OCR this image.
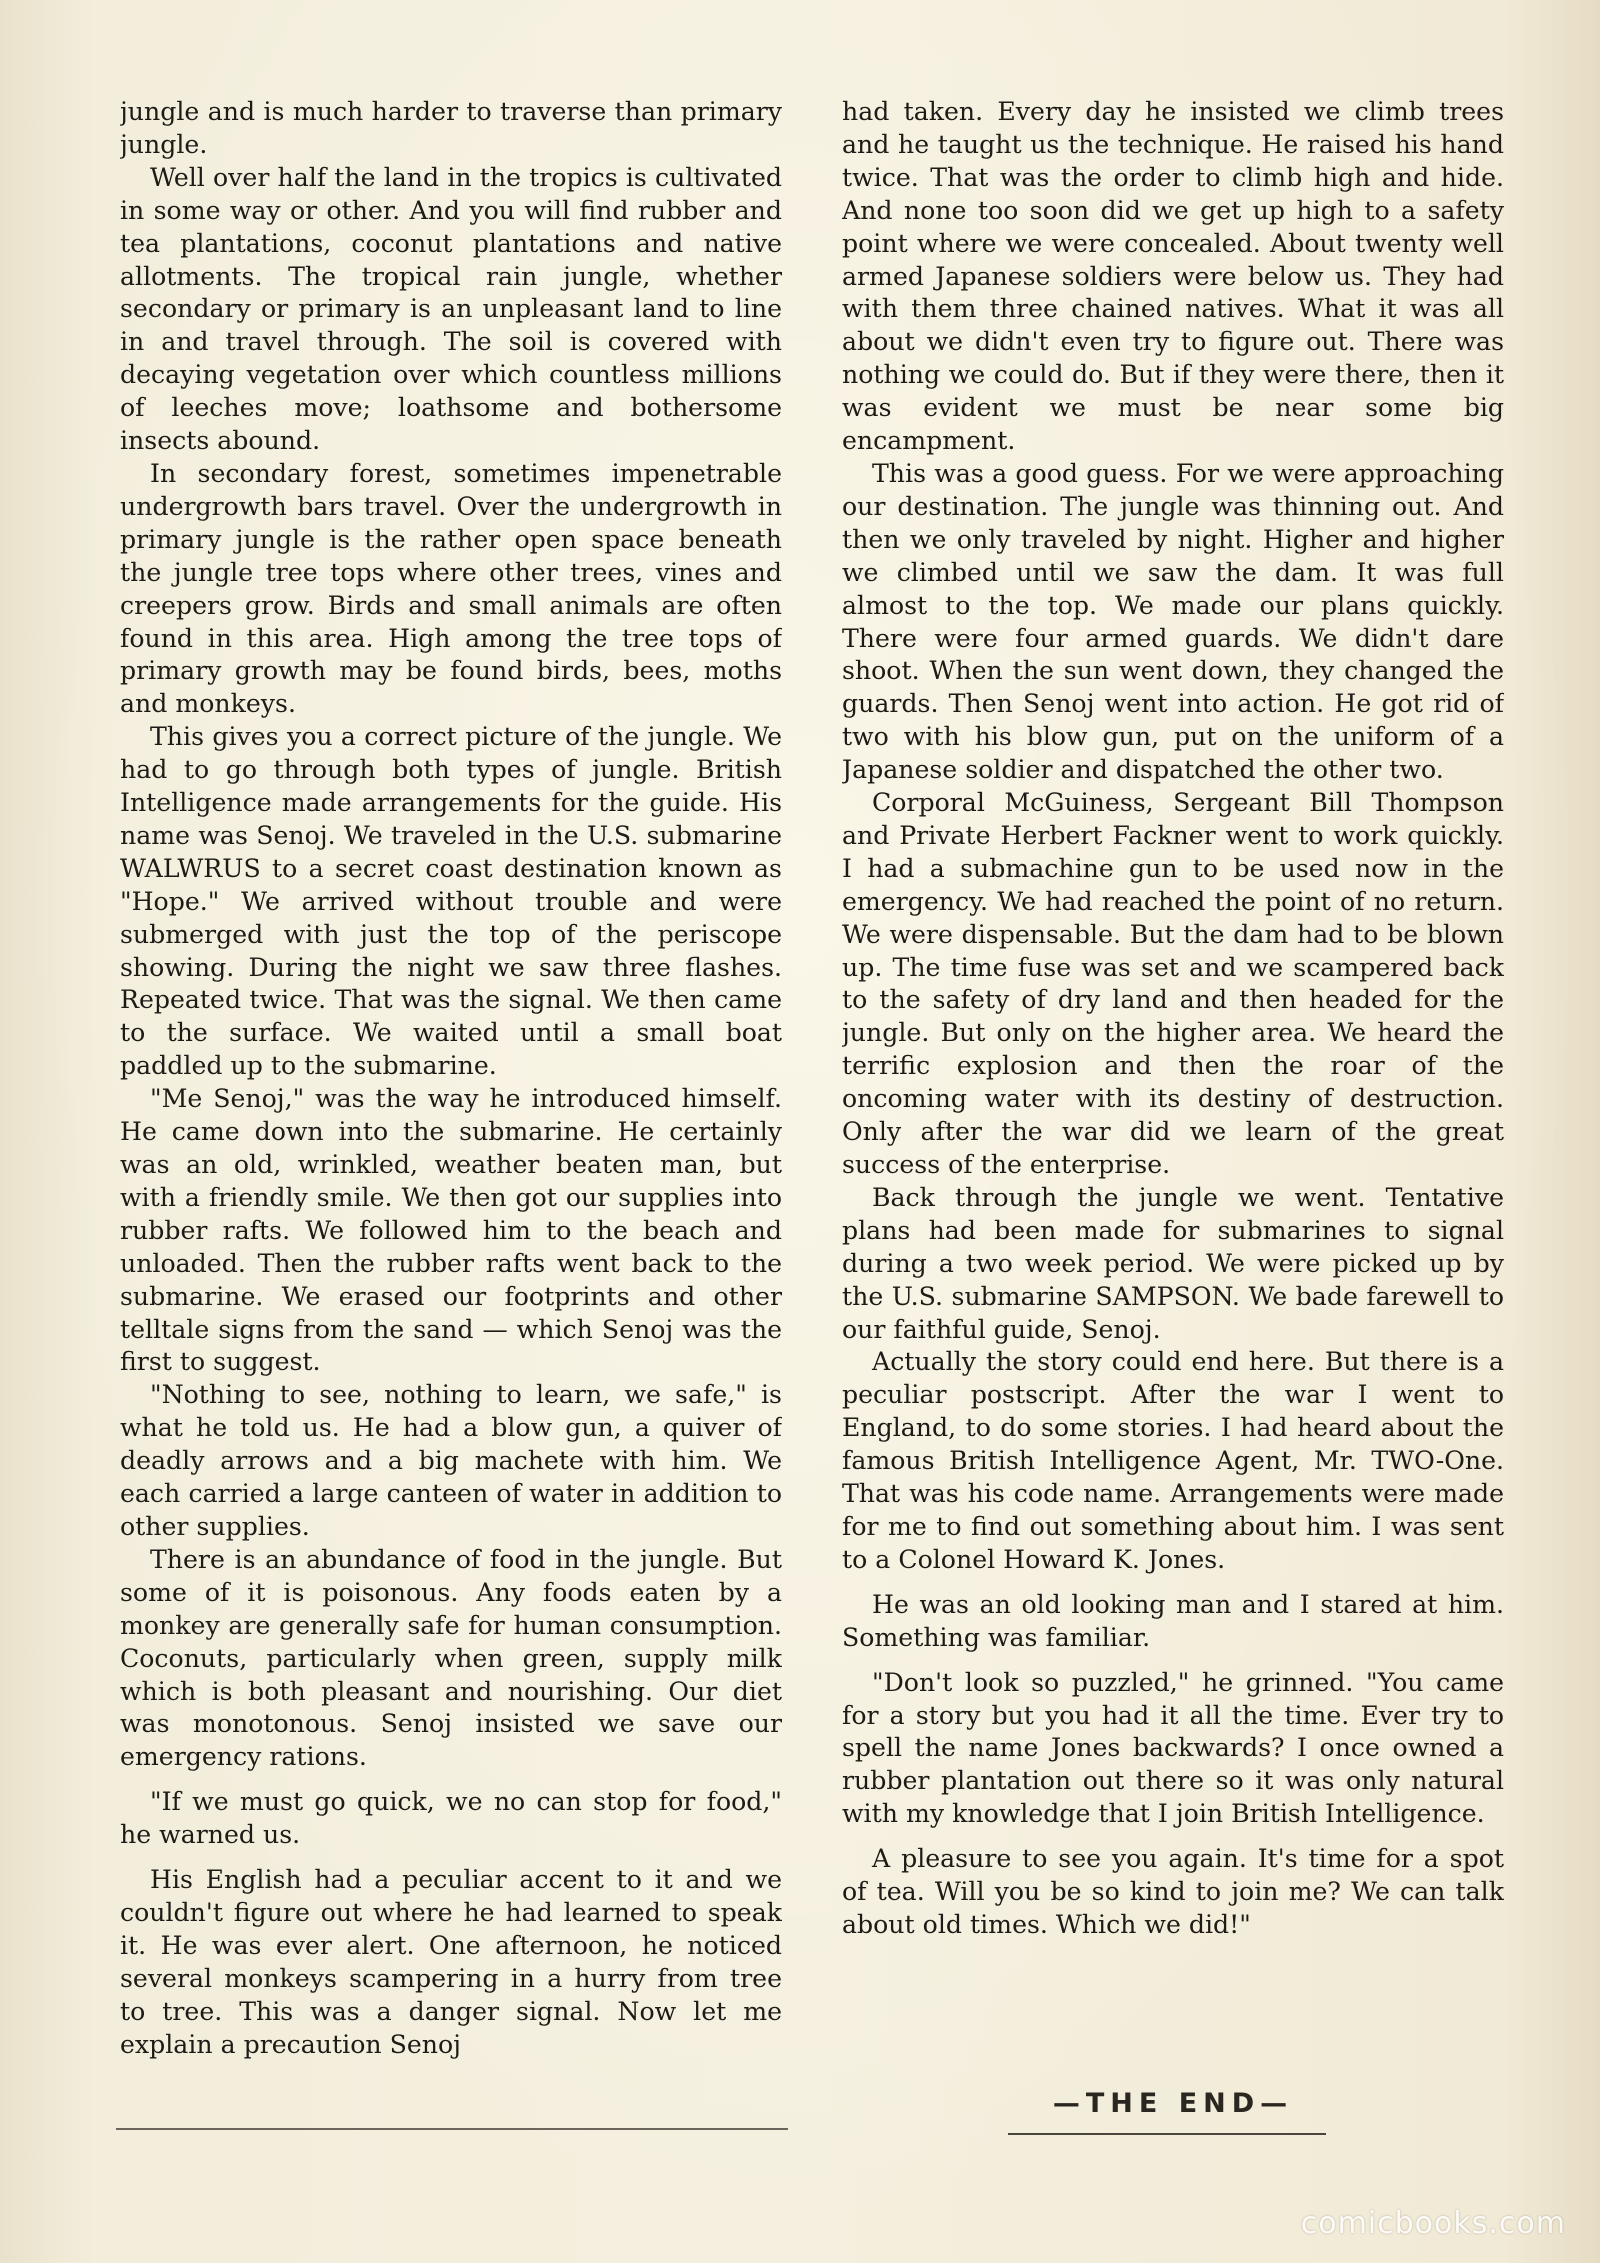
jungle and is much harder to traverse than primary jungle.

Well over half the land in the tropics is cultivated in some way or other. And you will find rubber and tea plantations, coconut plantations and native allotments. The tropical rain jungle, whether secondary or primary is an unpleasant land to line in and travel through. The soil is covered with decaying vegetation over which countless millions of leeches move; loathsome and bothersome insects abound.

In secondary forest, sometimes impenetrable undergrowth bars travel. Over the undergrowth in primary jungle is the rather open space beneath the jungle tree tops where other trees, vines and creepers grow. Birds and small animals are often found in this area. High among the tree tops of primary growth may be found birds, bees, moths and monkeys.

This gives you a correct picture of the jungle. We had to go through both types of jungle. British Intelligence made arrangements for the guide. His name was Senoj. We traveled in the U.S. submarine WALWRUS to a secret coast destination known as "Hope." We arrived without trouble and were submerged with just the top of the periscope showing. During the night we saw three flashes. Repeated twice. That was the signal. We then came to the surface. We waited until a small boat paddled up to the submarine.

"Me Senoj," was the way he introduced himself. He came down into the submarine. He certainly was an old, wrinkled, weather beaten man, but with a friendly smile. We then got our supplies into rubber rafts. We followed him to the beach and unloaded. Then the rubber rafts went back to the submarine. We erased our footprints and other telltale signs from the sand — which Senoj was the first to suggest.

"Nothing to see, nothing to learn, we safe," is what he told us. He had a blow gun, a quiver of deadly arrows and a big machete with him. We each carried a large canteen of water in addition to other supplies.

There is an abundance of food in the jungle. But some of it is poisonous. Any foods eaten by a monkey are generally safe for human consumption. Coconuts, particularly when green, supply milk which is both pleasant and nourishing. Our diet was monotonous. Senoj insisted we save our emergency rations.

"If we must go quick, we no can stop for food," he warned us.

His English had a peculiar accent to it and we couldn't figure out where he had learned to speak it. He was ever alert. One afternoon, he noticed several monkeys scampering in a hurry from tree to tree. This was a danger signal. Now let me explain a precaution Senoj

had taken. Every day he insisted we climb trees and he taught us the technique. He raised his hand twice. That was the order to climb high and hide. And none too soon did we get up high to a safety point where we were concealed. About twenty well armed Japanese soldiers were below us. They had with them three chained natives. What it was all about we didn't even try to figure out. There was nothing we could do. But if they were there, then it was evident we must be near some big encampment.

This was a good guess. For we were approaching our destination. The jungle was thinning out. And then we only traveled by night. Higher and higher we climbed until we saw the dam. It was full almost to the top. We made our plans quickly. There were four armed guards. We didn't dare shoot. When the sun went down, they changed the guards. Then Senoj went into action. He got rid of two with his blow gun, put on the uniform of a Japanese soldier and dispatched the other two.

Corporal McGuiness, Sergeant Bill Thompson and Private Herbert Fackner went to work quickly. I had a submachine gun to be used now in the emergency. We had reached the point of no return. We were dispensable. But the dam had to be blown up. The time fuse was set and we scampered back to the safety of dry land and then headed for the jungle. But only on the higher area. We heard the terrific explosion and then the roar of the oncoming water with its destiny of destruction. Only after the war did we learn of the great success of the enterprise.

Back through the jungle we went. Tentative plans had been made for submarines to signal during a two week period. We were picked up by the U.S. submarine SAMPSON. We bade farewell to our faithful guide, Senoj.

Actually the story could end here. But there is a peculiar postscript. After the war I went to England, to do some stories. I had heard about the famous British Intelligence Agent, Mr. TWO-One. That was his code name. Arrangements were made for me to find out something about him. I was sent to a Colonel Howard K. Jones.

He was an old looking man and I stared at him. Something was familiar.

"Don't look so puzzled," he grinned. "You came for a story but you had it all the time. Ever try to spell the name Jones backwards? I once owned a rubber plantation out there so it was only natural with my knowledge that I join British Intelligence.

A pleasure to see you again. It's time for a spot of tea. Will you be so kind to join me? We can talk about old times. Which we did!"

—THE END—
comicbooks.com
